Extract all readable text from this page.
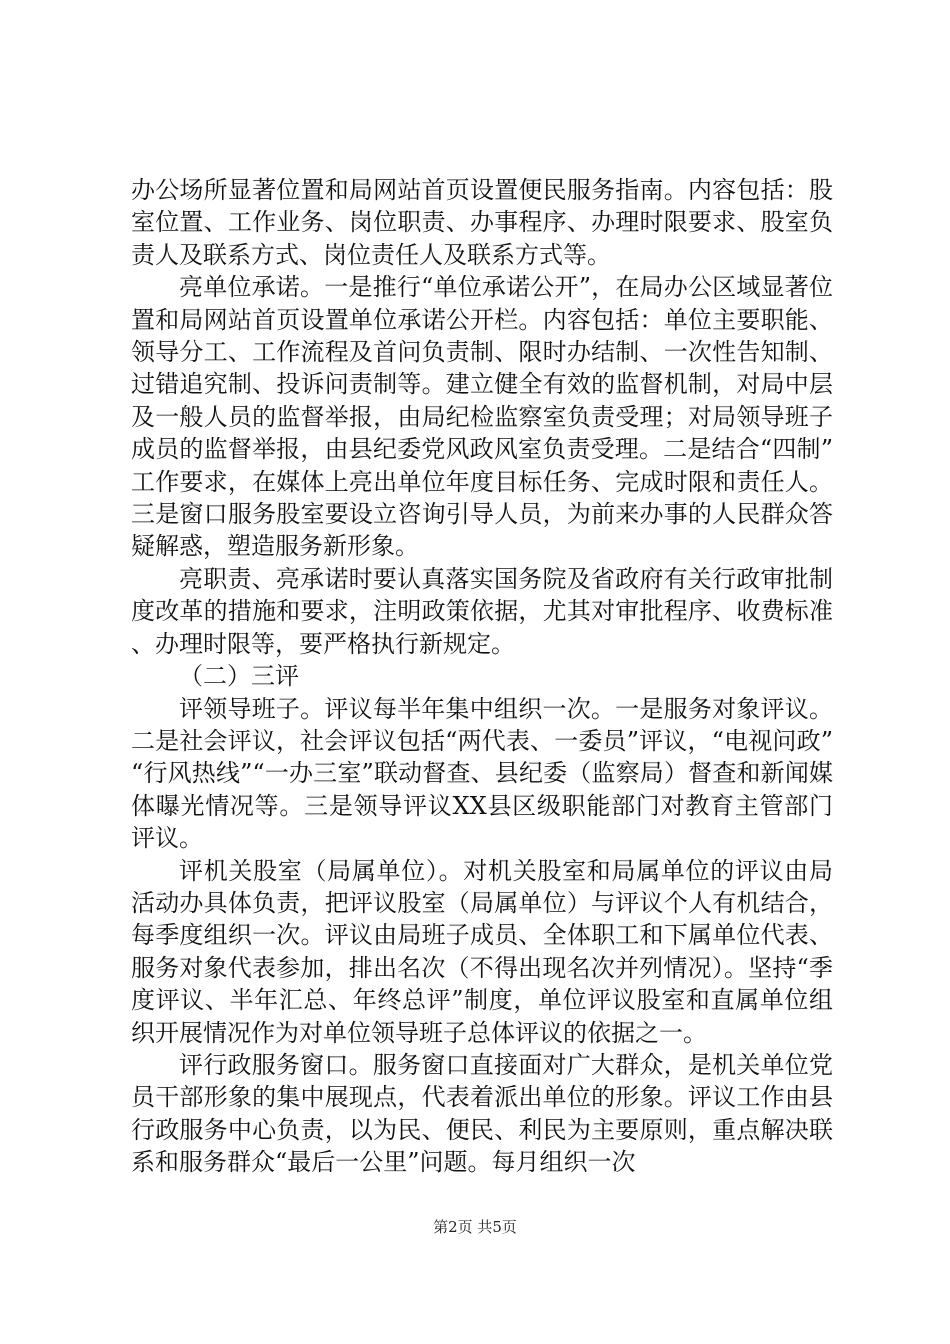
办公场所显著位置和局网站首页设置便民服务指南。内容包括：股室位置、工作业务、岗位职责、办事程序、办理时限要求、股室负责人及联系方式、岗位责任人及联系方式等。

亮单位承诺。一是推行“单位承诺公开”，在局办公区域显著位置和局网站首页设置单位承诺公开栏。内容包括：单位主要职能、领导分工、工作流程及首问负责制、限时办结制、一次性告知制、过错追究制、投诉问责制等。建立健全有效的监督机制，对局中层及一般人员的监督举报，由局纪检监察室负责受理；对局领导班子成员的监督举报，由县纪委党风政风室负责受理。二是结合“四制”工作要求，在媒体上亮出单位年度目标任务、完成时限和责任人。三是窗口服务股室要设立咨询引导人员，为前来办事的人民群众答疑解惑，塑造服务新形象。

亮职责、亮承诺时要认真落实国务院及省政府有关行政审批制度改革的措施和要求，注明政策依据，尤其对审批程序、收费标准、办理时限等，要严格执行新规定。

（二）三评

评领导班子。评议每半年集中组织一次。一是服务对象评议。二是社会评议，社会评议包括“两代表、一委员”评议，“电视问政”“行风热线”“一办三室”联动督查、县纪委（监察局）督查和新闻媒体曝光情况等。三是领导评议XX县区级职能部门对教育主管部门评议。

评机关股室（局属单位）。对机关股室和局属单位的评议由局活动办具体负责，把评议股室（局属单位）与评议个人有机结合，每季度组织一次。评议由局班子成员、全体职工和下属单位代表、服务对象代表参加，排出名次（不得出现名次并列情况）。坚持“季度评议、半年汇总、年终总评”制度，单位评议股室和直属单位组织开展情况作为对单位领导班子总体评议的依据之一。

评行政服务窗口。服务窗口直接面对广大群众，是机关单位党员干部形象的集中展现点，代表着派出单位的形象。评议工作由县行政服务中心负责，以为民、便民、利民为主要原则，重点解决联系和服务群众“最后一公里”问题。每月组织一次

第2页 共5页
